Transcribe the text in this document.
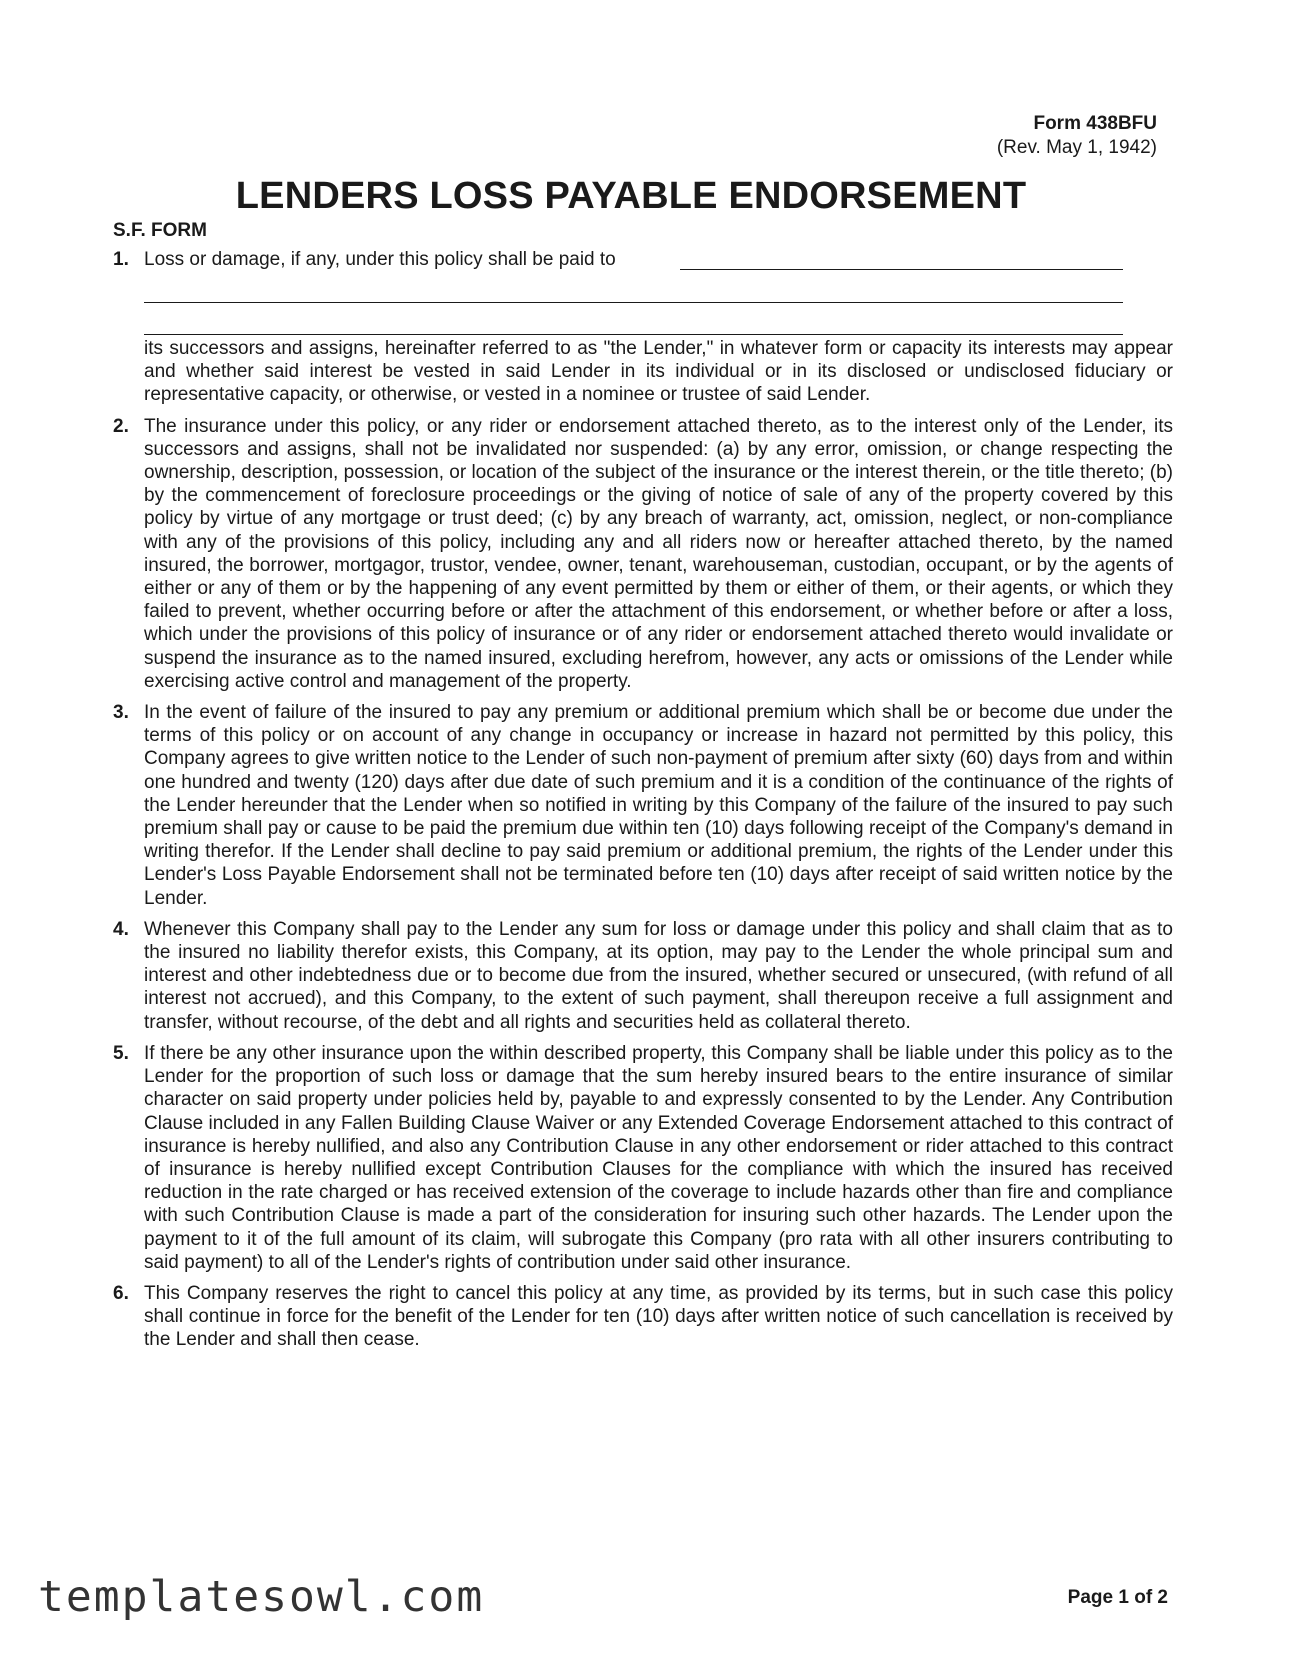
Form 438BFU
(Rev. May 1, 1942)
LENDERS LOSS PAYABLE ENDORSEMENT
S.F. FORM
1. Loss or damage, if any, under this policy shall be paid to
its successors and assigns, hereinafter referred to as "the Lender," in whatever form or capacity its interests may appear and whether said interest be vested in said Lender in its individual or in its disclosed or undisclosed fiduciary or representative capacity, or otherwise, or vested in a nominee or trustee of said Lender.
2. The insurance under this policy, or any rider or endorsement attached thereto, as to the interest only of the Lender, its successors and assigns, shall not be invalidated nor suspended: (a) by any error, omission, or change respecting the ownership, description, possession, or location of the subject of the insurance or the interest therein, or the title thereto; (b) by the commencement of foreclosure proceedings or the giving of notice of sale of any of the property covered by this policy by virtue of any mortgage or trust deed; (c) by any breach of warranty, act, omission, neglect, or non-compliance with any of the provisions of this policy, including any and all riders now or hereafter attached thereto, by the named insured, the borrower, mortgagor, trustor, vendee, owner, tenant, warehouseman, custodian, occupant, or by the agents of either or any of them or by the happening of any event permitted by them or either of them, or their agents, or which they failed to prevent, whether occurring before or after the attachment of this endorsement, or whether before or after a loss, which under the provisions of this policy of insurance or of any rider or endorsement attached thereto would invalidate or suspend the insurance as to the named insured, excluding herefrom, however, any acts or omissions of the Lender while exercising active control and management of the property.
3. In the event of failure of the insured to pay any premium or additional premium which shall be or become due under the terms of this policy or on account of any change in occupancy or increase in hazard not permitted by this policy, this Company agrees to give written notice to the Lender of such non-payment of premium after sixty (60) days from and within one hundred and twenty (120) days after due date of such premium and it is a condition of the continuance of the rights of the Lender hereunder that the Lender when so notified in writing by this Company of the failure of the insured to pay such premium shall pay or cause to be paid the premium due within ten (10) days following receipt of the Company's demand in writing therefor. If the Lender shall decline to pay said premium or additional premium, the rights of the Lender under this Lender's Loss Payable Endorsement shall not be terminated before ten (10) days after receipt of said written notice by the Lender.
4. Whenever this Company shall pay to the Lender any sum for loss or damage under this policy and shall claim that as to the insured no liability therefor exists, this Company, at its option, may pay to the Lender the whole principal sum and interest and other indebtedness due or to become due from the insured, whether secured or unsecured, (with refund of all interest not accrued), and this Company, to the extent of such payment, shall thereupon receive a full assignment and transfer, without recourse, of the debt and all rights and securities held as collateral thereto.
5. If there be any other insurance upon the within described property, this Company shall be liable under this policy as to the Lender for the proportion of such loss or damage that the sum hereby insured bears to the entire insurance of similar character on said property under policies held by, payable to and expressly consented to by the Lender. Any Contribution Clause included in any Fallen Building Clause Waiver or any Extended Coverage Endorsement attached to this contract of insurance is hereby nullified, and also any Contribution Clause in any other endorsement or rider attached to this contract of insurance is hereby nullified except Contribution Clauses for the compliance with which the insured has received reduction in the rate charged or has received extension of the coverage to include hazards other than fire and compliance with such Contribution Clause is made a part of the consideration for insuring such other hazards. The Lender upon the payment to it of the full amount of its claim, will subrogate this Company (pro rata with all other insurers contributing to said payment) to all of the Lender's rights of contribution under said other insurance.
6. This Company reserves the right to cancel this policy at any time, as provided by its terms, but in such case this policy shall continue in force for the benefit of the Lender for ten (10) days after written notice of such cancellation is received by the Lender and shall then cease.
templatesowl.com	Page 1 of 2
